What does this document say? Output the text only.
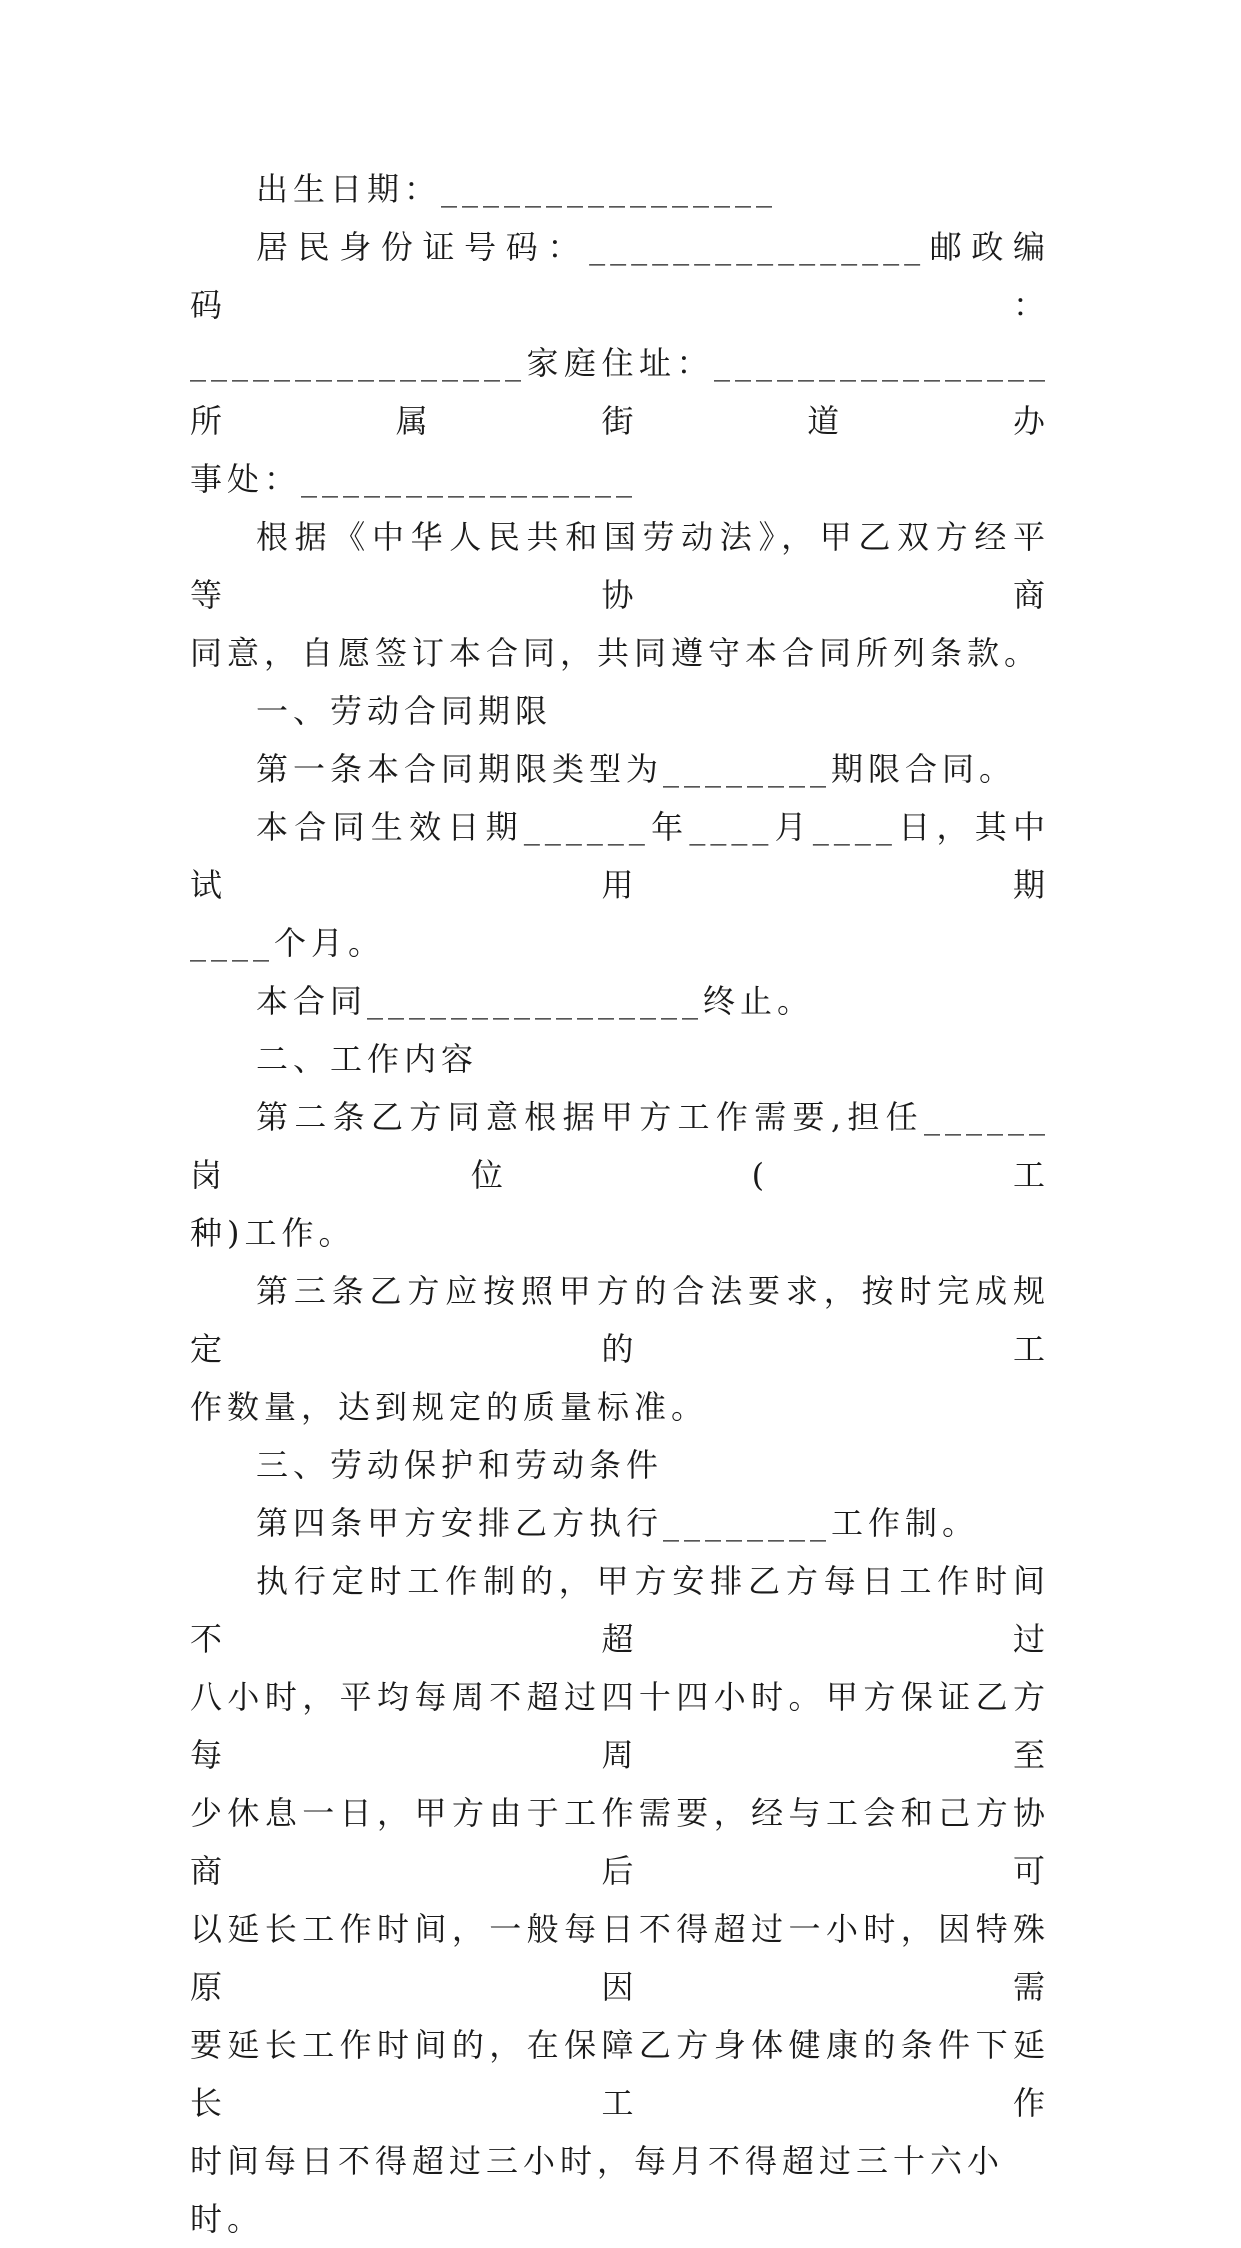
出生日期：________________

居民身份证号码：________________邮政编码：

________________家庭住址：________________所属街道办

事处：________________

根据《中华人民共和国劳动法》，甲乙双方经平等协商

同意，自愿签订本合同，共同遵守本合同所列条款。

一、劳动合同期限

第一条本合同期限类型为________期限合同。

本合同生效日期______年____月____日，其中试用期

____个月。

本合同________________终止。

二、工作内容

第二条乙方同意根据甲方工作需要,担任______岗位(工

种)工作。

第三条乙方应按照甲方的合法要求，按时完成规定的工

作数量，达到规定的质量标准。

三、劳动保护和劳动条件

第四条甲方安排乙方执行________工作制。

执行定时工作制的，甲方安排乙方每日工作时间不超过

八小时，平均每周不超过四十四小时。甲方保证乙方每周至

少休息一日，甲方由于工作需要，经与工会和己方协商后可

以延长工作时间，一般每日不得超过一小时，因特殊原因需

要延长工作时间的，在保障乙方身体健康的条件下延长工作

时间每日不得超过三小时，每月不得超过三十六小时。
